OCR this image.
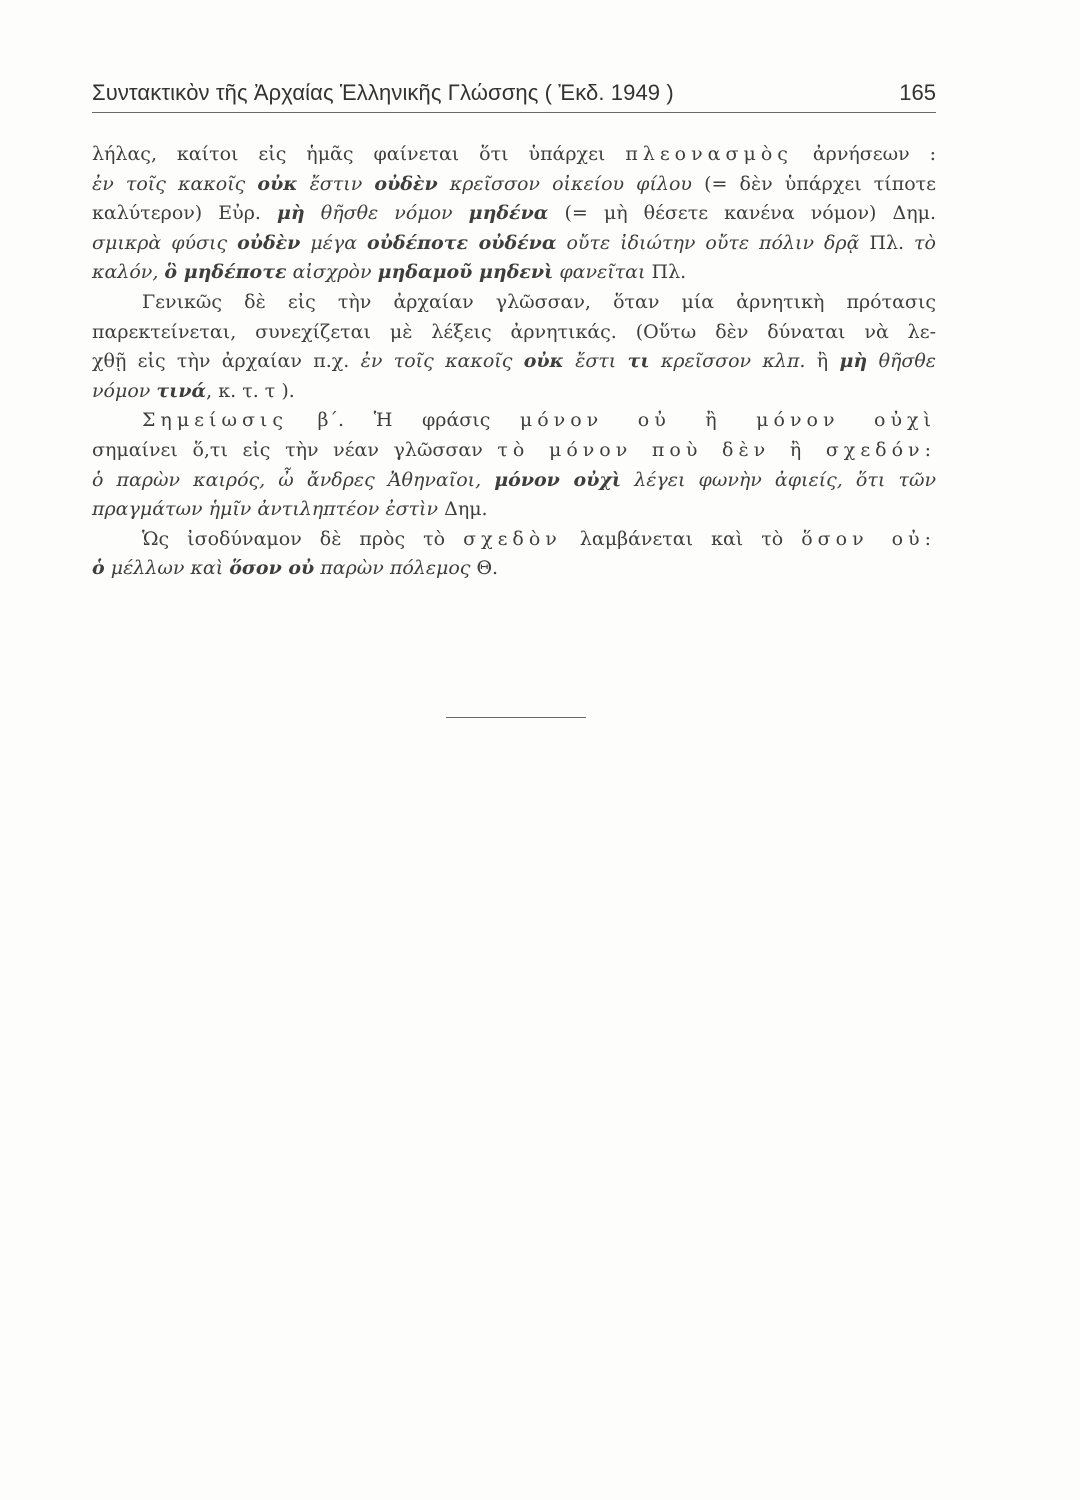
Συντακτικὸν τῆς Ἀρχαίας Ἑλληνικῆς Γλώσσης ( Ἐκδ. 1949 )	165
λήλας, καίτοι εἰς ἡμᾶς φαίνεται ὅτι ὑπάρχει πλεονασμὸς ἀρνήσεων :
ἐν τοῖς κακοῖς οὐκ ἔστιν οὐδὲν κρεῖσσον οἰκείου φίλου (= δὲν ὑπάρχει τίποτε
καλύτερον) Εὐρ. μὴ θῆσθε νόμον μηδένα (= μὴ θέσετε κανένα νόμον) Δημ.
σμικρὰ φύσις οὐδὲν μέγα οὐδέποτε οὐδένα οὔτε ἰδιώτην οὔτε πόλιν δρᾷ Πλ. τὸ
καλόν, ὃ μηδέποτε αἰσχρὸν μηδαμοῦ μηδενὶ φανεῖται Πλ.
Γενικῶς δὲ εἰς τὴν ἀρχαίαν γλῶσσαν, ὅταν μία ἀρνητικὴ πρότασις
παρεκτείνεται, συνεχίζεται μὲ λέξεις ἀρνητικάς. (Οὕτω δὲν δύναται νὰ λε-
χθῇ εἰς τὴν ἀρχαίαν π.χ. ἐν τοῖς κακοῖς οὐκ ἔστι τι κρεῖσσον κλπ. ἢ μὴ θῆσθε
νόμον τινά, κ. τ. τ ).
Σημείωσις β΄. Ἡ φράσις μόνον οὐ ἢ μόνον οὐχὶ
σημαίνει ὅ,τι εἰς τὴν νέαν γλῶσσαν τὸ μόνον ποὺ δὲν ἢ σχεδόν:
ὁ παρὼν καιρός, ὦ ἄνδρες Ἀθηναῖοι, μόνον οὐχὶ λέγει φωνὴν ἀφιείς, ὅτι τῶν
πραγμάτων ἡμῖν ἀντιληπτέον ἐστὶν Δημ.
Ὡς ἰσοδύναμον δὲ πρὸς τὸ σχεδὸν λαμβάνεται καὶ τὸ ὅσον οὐ:
ὁ μέλλων καὶ ὅσον οὐ παρὼν πόλεμος Θ.
